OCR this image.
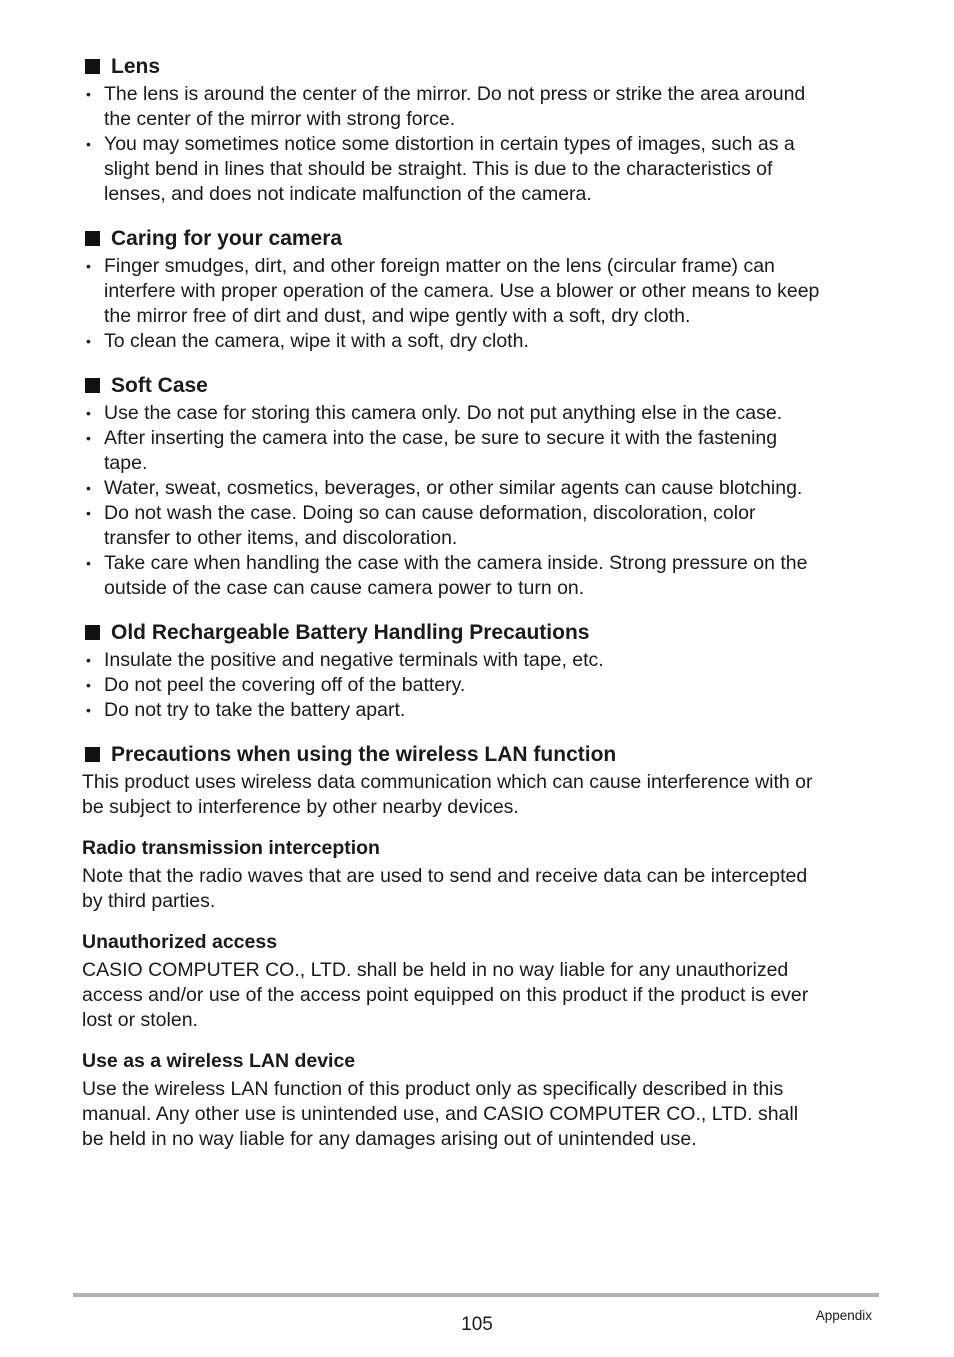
Lens
• The lens is around the center of the mirror. Do not press or strike the area around
the center of the mirror with strong force.
• You may sometimes notice some distortion in certain types of images, such as a
slight bend in lines that should be straight. This is due to the characteristics of
lenses, and does not indicate malfunction of the camera.
Caring for your camera
• Finger smudges, dirt, and other foreign matter on the lens (circular frame) can
interfere with proper operation of the camera. Use a blower or other means to keep
the mirror free of dirt and dust, and wipe gently with a soft, dry cloth.
• To clean the camera, wipe it with a soft, dry cloth.
Soft Case
• Use the case for storing this camera only. Do not put anything else in the case.
• After inserting the camera into the case, be sure to secure it with the fastening
tape.
• Water, sweat, cosmetics, beverages, or other similar agents can cause blotching.
• Do not wash the case. Doing so can cause deformation, discoloration, color
transfer to other items, and discoloration.
• Take care when handling the case with the camera inside. Strong pressure on the
outside of the case can cause camera power to turn on.
Old Rechargeable Battery Handling Precautions
• Insulate the positive and negative terminals with tape, etc.
• Do not peel the covering off of the battery.
• Do not try to take the battery apart.
Precautions when using the wireless LAN function
This product uses wireless data communication which can cause interference with or
be subject to interference by other nearby devices.
Radio transmission interception
Note that the radio waves that are used to send and receive data can be intercepted
by third parties.
Unauthorized access
CASIO COMPUTER CO., LTD. shall be held in no way liable for any unauthorized
access and/or use of the access point equipped on this product if the product is ever
lost or stolen.
Use as a wireless LAN device
Use the wireless LAN function of this product only as specifically described in this
manual. Any other use is unintended use, and CASIO COMPUTER CO., LTD. shall
be held in no way liable for any damages arising out of unintended use.
105	Appendix
